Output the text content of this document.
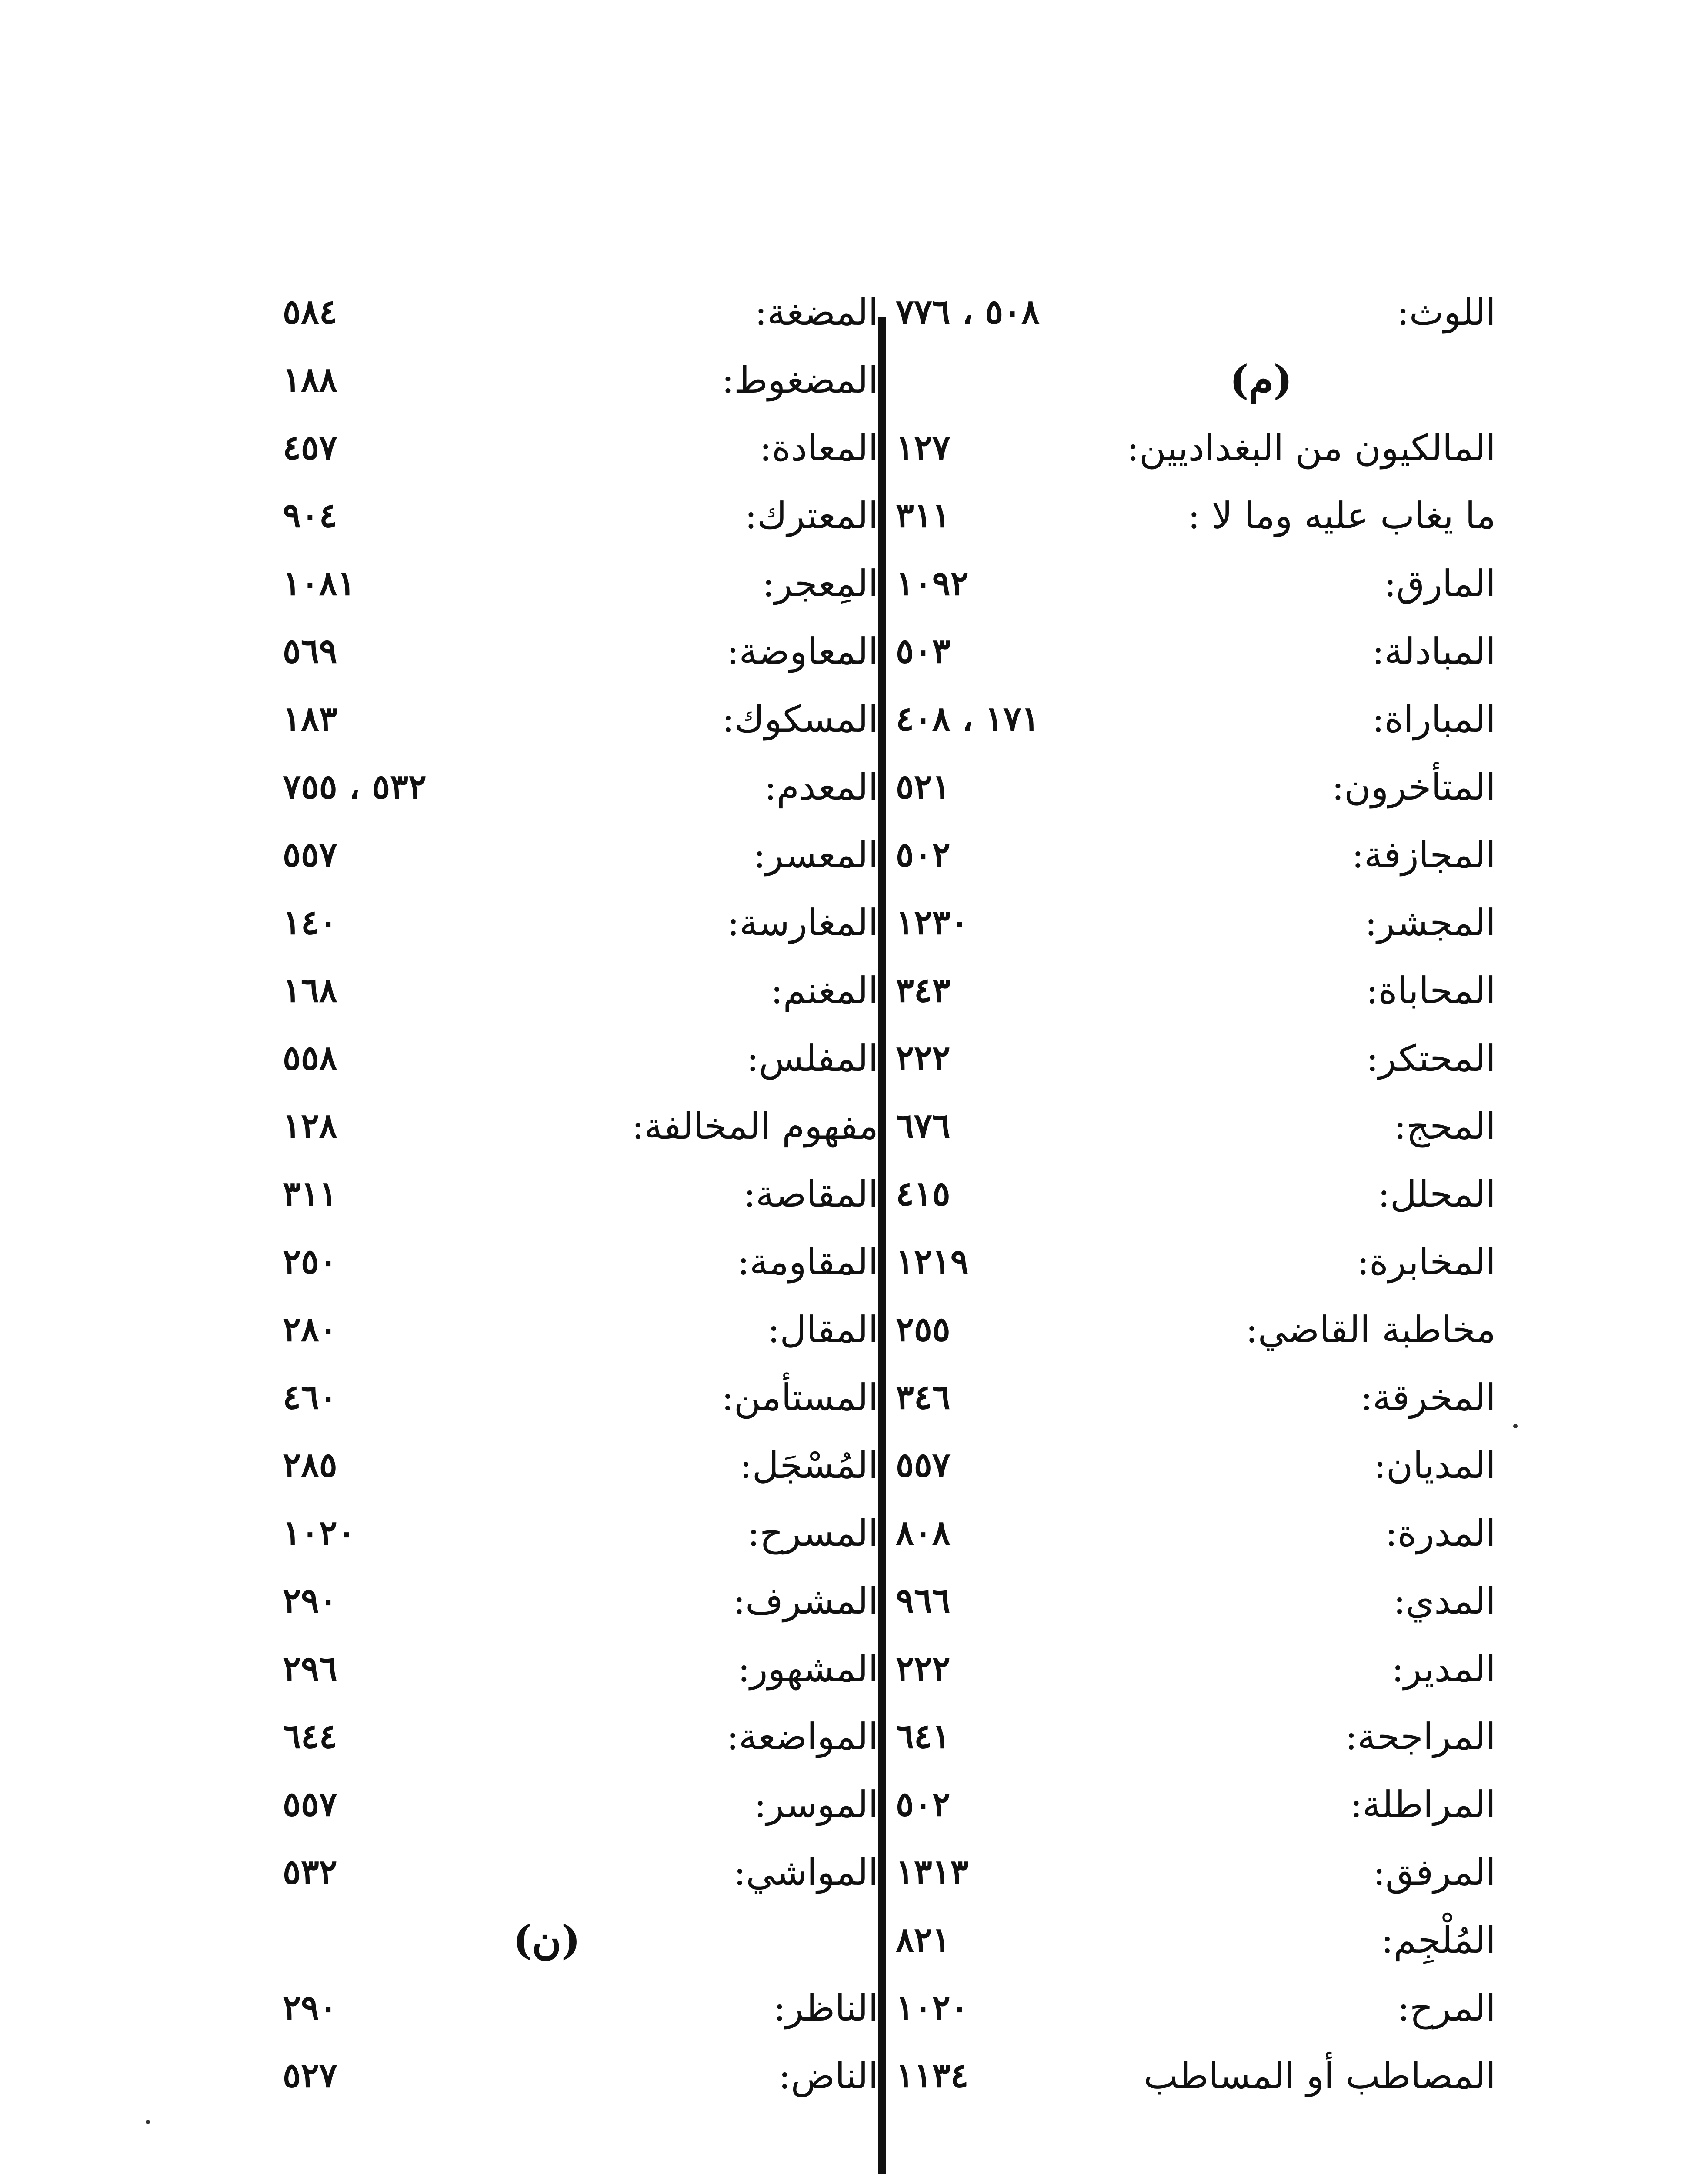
اللوث:
٥٠٨ ، ٧٧٦
(م)
المالكيون من البغداديين:
١٢٧
ما يغاب عليه وما لا :
٣١١
المارق:
١٠٩٢
المبادلة:
٥٠٣
المباراة:
١٧١ ، ٤٠٨
المتأخرون:
٥٢١
المجازفة:
٥٠٢
المجشر:
١٢٣٠
المحاباة:
٣٤٣
المحتكر:
٢٢٢
المحج:
٦٧٦
المحلل:
٤١٥
المخابرة:
١٢١٩
مخاطبة القاضي:
٢٥٥
المخرقة:
٣٤٦
المديان:
٥٥٧
المدرة:
٨٠٨
المدي:
٩٦٦
المدير:
٢٢٢
المراجحة:
٦٤١
المراطلة:
٥٠٢
المرفق:
١٣١٣
المُلْجِم:
٨٢١
المرح:
١٠٢٠
المصاطب أو المساطب
١١٣٤
المضغة:
٥٨٤
المضغوط:
١٨٨
المعادة:
٤٥٧
المعترك:
٩٠٤
المِعجر:
١٠٨١
المعاوضة:
٥٦٩
المسكوك:
١٨٣
المعدم:
٥٣٢ ، ٧٥٥
المعسر:
٥٥٧
المغارسة:
١٤٠
المغنم:
١٦٨
المفلس:
٥٥٨
مفهوم المخالفة:
١٢٨
المقاصة:
٣١١
المقاومة:
٢٥٠
المقال:
٢٨٠
المستأمن:
٤٦٠
المُسْجَل:
٢٨٥
المسرح:
١٠٢٠
المشرف:
٢٩٠
المشهور:
٢٩٦
المواضعة:
٦٤٤
الموسر:
٥٥٧
المواشي:
٥٣٢
(ن)
الناظر:
٢٩٠
الناض:
٥٢٧
